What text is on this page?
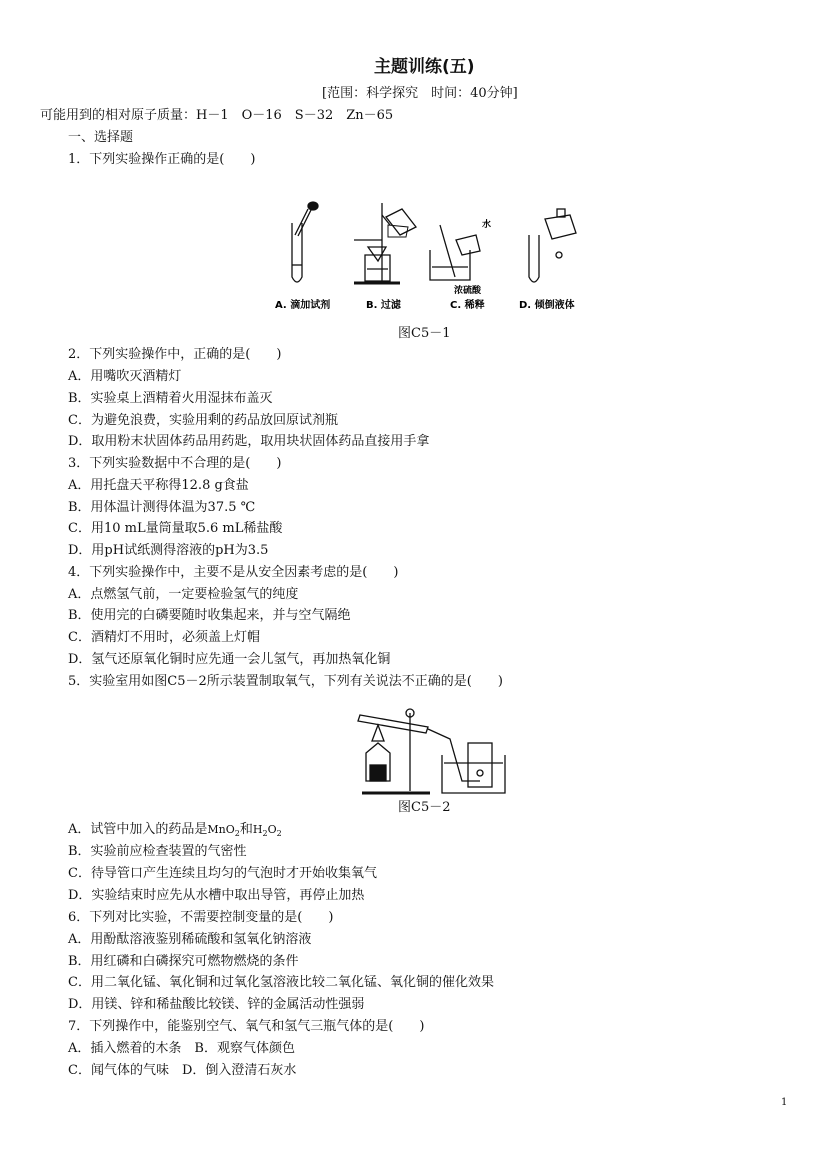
主题训练(五)
[范围：科学探究　时间：40分钟]
可能用到的相对原子质量：H－1　O－16　S－32　Zn－65
一、选择题
1．下列实验操作正确的是(　　)
水
浓硫酸
A. 滴加试剂	B. 过滤	C. 稀释	D. 倾倒液体
图C5－1
2．下列实验操作中，正确的是(　　)
A．用嘴吹灭酒精灯
B．实验桌上酒精着火用湿抹布盖灭
C．为避免浪费，实验用剩的药品放回原试剂瓶
D．取用粉末状固体药品用药匙，取用块状固体药品直接用手拿
3．下列实验数据中不合理的是(　　)
A．用托盘天平称得12.8 g食盐
B．用体温计测得体温为37.5 ℃
C．用10 mL量筒量取5.6 mL稀盐酸
D．用pH试纸测得溶液的pH为3.5
4．下列实验操作中，主要不是从安全因素考虑的是(　　)
A．点燃氢气前，一定要检验氢气的纯度
B．使用完的白磷要随时收集起来，并与空气隔绝
C．酒精灯不用时，必须盖上灯帽
D．氢气还原氧化铜时应先通一会儿氢气，再加热氧化铜
5．实验室用如图C5－2所示装置制取氧气，下列有关说法不正确的是(　　)
图C5－2
A．试管中加入的药品是MnO$_2$和$H_2O_2$
B．实验前应检查装置的气密性
C．待导管口产生连续且均匀的气泡时才开始收集氧气
D．实验结束时应先从水槽中取出导管，再停止加热
6．下列对比实验，不需要控制变量的是(　　)
A．用酚酞溶液鉴别稀硫酸和氢氧化钠溶液
B．用红磷和白磷探究可燃物燃烧的条件
C．用二氧化锰、氧化铜和过氧化氢溶液比较二氧化锰、氧化铜的催化效果
D．用镁、锌和稀盐酸比较镁、锌的金属活动性强弱
7．下列操作中，能鉴别空气、氧气和氢气三瓶气体的是(　　)
A．插入燃着的木条　B．观察气体颜色
C．闻气体的气味　D．倒入澄清石灰水
1
